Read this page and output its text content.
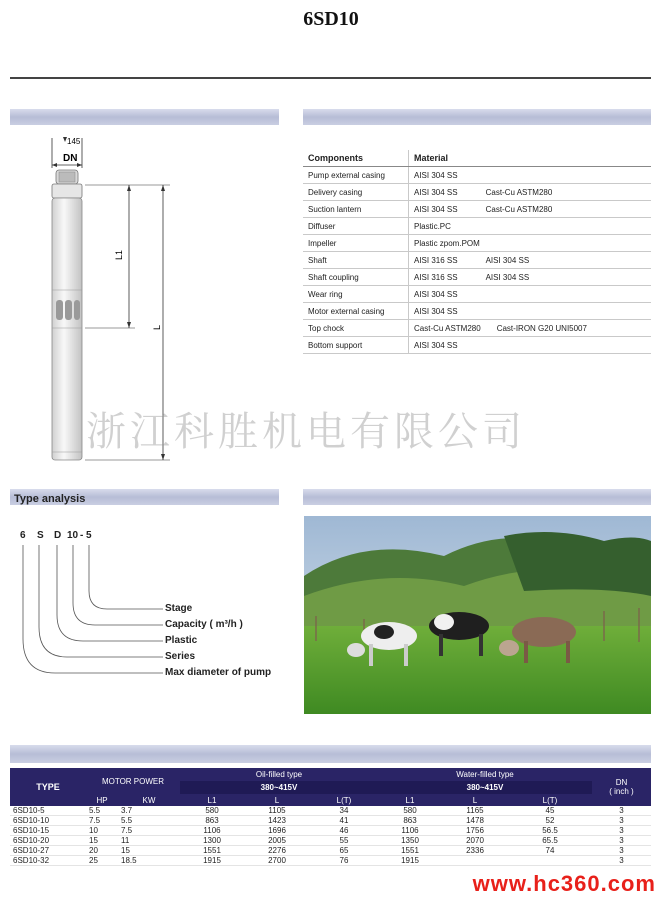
6SD10
145
DN
L1
L
Components	Material
Pump external casing	AISI 304 SS
Delivery casing	AISI 304 SS Cast-Cu ASTM280
Suction lantern	AISI 304 SS Cast-Cu ASTM280
Diffuser	Plastic.PC
Impeller	Plastic zpom.POM
Shaft	AISI 316 SS AISI 304 SS
Shaft coupling	AISI 316 SS AISI 304 SS
Wear ring	AISI 304 SS
Motor external casing	AISI 304 SS
Top chock	Cast-Cu ASTM280 Cast-IRON G20 UNI5007
Bottom support	AISI 304 SS
浙江科胜机电有限公司
Type analysis
6 S D 10 - 5
Stage
Capacity ( m³/h )
Plastic
Series
Max diameter of pump
TYPE	MOTOR POWER		Oil-filled type			Water-filled type			DN
( inch )
			380~415V			380~415V			
	HP	KW	L1	L	L(T)	L1	L	L(T)	
6SD10-5	5.5	3.7	580	1105	34	580	1165	45	3
6SD10-10	7.5	5.5	863	1423	41	863	1478	52	3
6SD10-15	10	7.5	1106	1696	46	1106	1756	56.5	3
6SD10-20	15	11	1300	2005	55	1350	2070	65.5	3
6SD10-27	20	15	1551	2276	65	1551	2336	74	3
6SD10-32	25	18.5	1915	2700	76	1915			3
www.hc360.com
